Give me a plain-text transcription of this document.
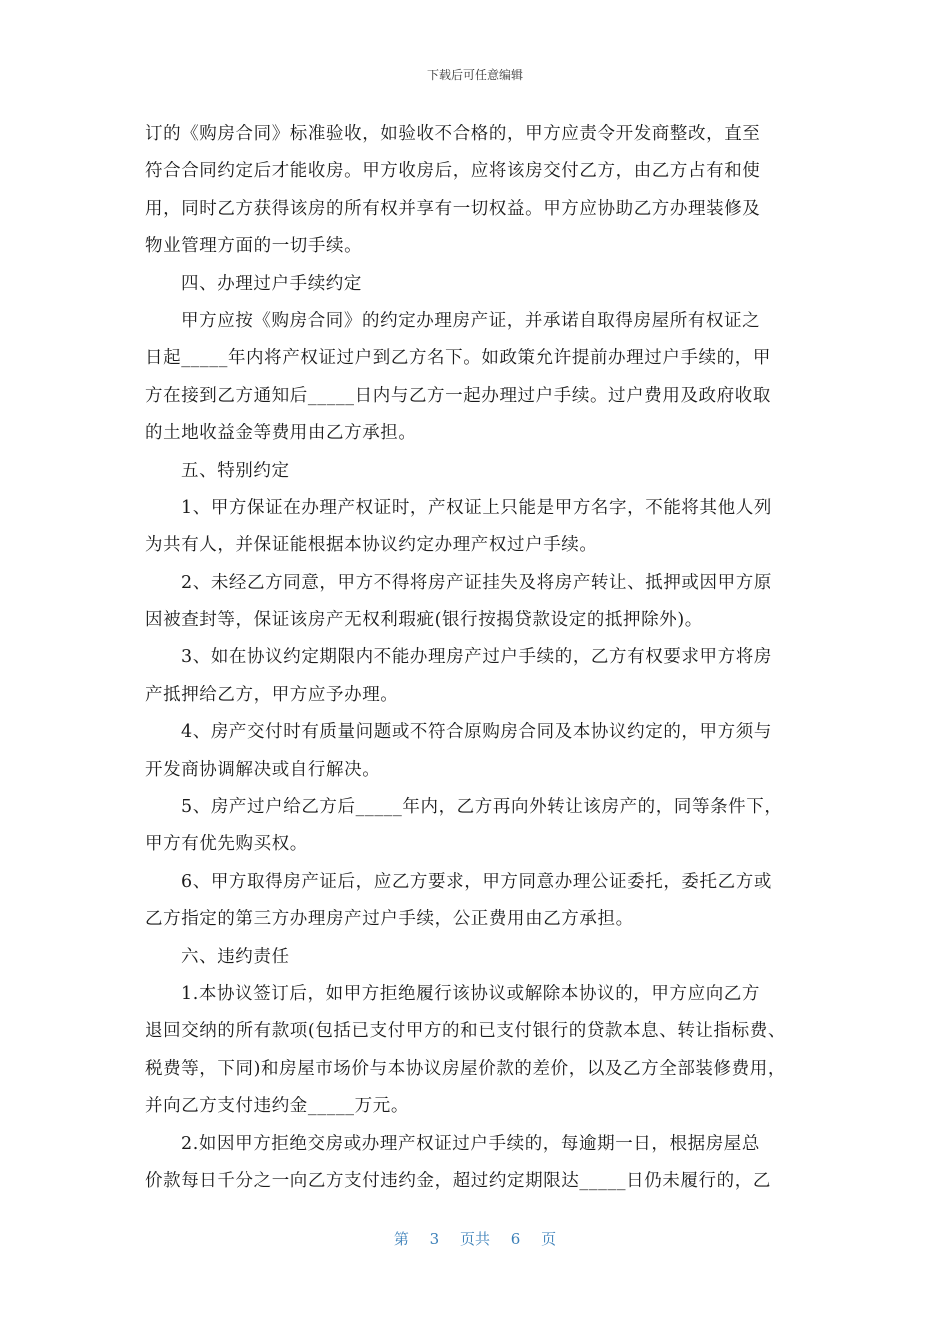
下载后可任意编辑
订的《购房合同》标准验收，如验收不合格的，甲方应责令开发商整改，直至
符合合同约定后才能收房。甲方收房后，应将该房交付乙方，由乙方占有和使
用，同时乙方获得该房的所有权并享有一切权益。甲方应协助乙方办理装修及
物业管理方面的一切手续。
四、办理过户手续约定
甲方应按《购房合同》的约定办理房产证，并承诺自取得房屋所有权证之
日起_____年内将产权证过户到乙方名下。如政策允许提前办理过户手续的，甲
方在接到乙方通知后_____日内与乙方一起办理过户手续。过户费用及政府收取
的土地收益金等费用由乙方承担。
五、特别约定
1、甲方保证在办理产权证时，产权证上只能是甲方名字，不能将其他人列
为共有人，并保证能根据本协议约定办理产权过户手续。
2、未经乙方同意，甲方不得将房产证挂失及将房产转让、抵押或因甲方原
因被查封等，保证该房产无权利瑕疵(银行按揭贷款设定的抵押除外)。
3、如在协议约定期限内不能办理房产过户手续的，乙方有权要求甲方将房
产抵押给乙方，甲方应予办理。
4、房产交付时有质量问题或不符合原购房合同及本协议约定的，甲方须与
开发商协调解决或自行解决。
5、房产过户给乙方后_____年内，乙方再向外转让该房产的，同等条件下，
甲方有优先购买权。
6、甲方取得房产证后，应乙方要求，甲方同意办理公证委托，委托乙方或
乙方指定的第三方办理房产过户手续，公正费用由乙方承担。
六、违约责任
1.本协议签订后，如甲方拒绝履行该协议或解除本协议的，甲方应向乙方
退回交纳的所有款项(包括已支付甲方的和已支付银行的贷款本息、转让指标费、
税费等，下同)和房屋市场价与本协议房屋价款的差价，以及乙方全部装修费用，
并向乙方支付违约金_____万元。
2.如因甲方拒绝交房或办理产权证过户手续的，每逾期一日，根据房屋总
价款每日千分之一向乙方支付违约金，超过约定期限达_____日仍未履行的，乙
第 3 页共 6 页
